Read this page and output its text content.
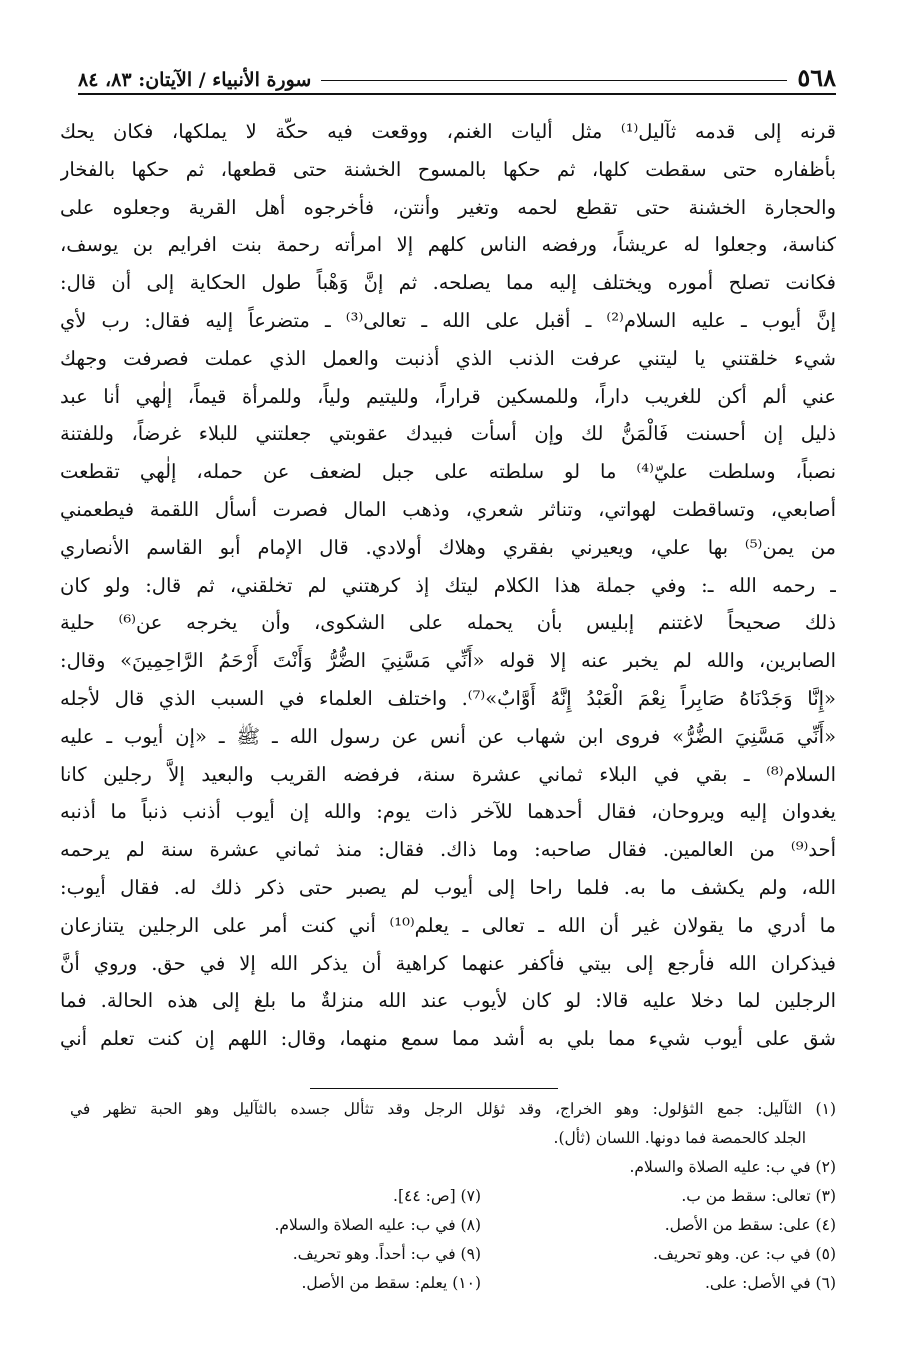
٥٦٨
سورة الأنبياء / الآيتان: ٨٣، ٨٤
قرنه إلى قدمه ثآليل⁽¹⁾ مثل أليات الغنم، ووقعت فيه حكّة لا يملكها، فكان يحك
بأظفاره حتى سقطت كلها، ثم حكها بالمسوح الخشنة حتى قطعها، ثم حكها بالفخار
والحجارة الخشنة حتى تقطع لحمه وتغير وأنتن، فأخرجوه أهل القرية وجعلوه على
كناسة، وجعلوا له عريشاً، ورفضه الناس كلهم إلا امرأته رحمة بنت افرايم بن يوسف،
فكانت تصلح أموره ويختلف إليه مما يصلحه. ثم إنَّ وَهْباً طول الحكاية إلى أن قال:
إنَّ أيوب ـ عليه السلام⁽²⁾ ـ أقبل على الله ـ تعالى⁽³⁾ ـ متضرعاً إليه فقال: رب لأي
شيء خلقتني يا ليتني عرفت الذنب الذي أذنبت والعمل الذي عملت فصرفت وجهك
عني ألم أكن للغريب داراً، وللمسكين قراراً، ولليتيم ولياً، وللمرأة قيماً، إلٰهي أنا عبد
ذليل إن أحسنت فَالْمَنُّ لك وإن أسأت فبيدك عقوبتي جعلتني للبلاء غرضاً، وللفتنة
نصباً، وسلطت عليّ⁽⁴⁾ ما لو سلطته على جبل لضعف عن حمله، إلٰهي تقطعت
أصابعي، وتساقطت لهواتي، وتناثر شعري، وذهب المال فصرت أسأل اللقمة فيطعمني
من يمن⁽⁵⁾ بها علي، ويعيرني بفقري وهلاك أولادي. قال الإمام أبو القاسم الأنصاري
ـ رحمه الله ـ: وفي جملة هذا الكلام ليتك إذ كرهتني لم تخلقني، ثم قال: ولو كان
ذلك صحيحاً لاغتنم إبليس بأن يحمله على الشكوى، وأن يخرجه عن⁽⁶⁾ حلية
الصابرين، والله لم يخبر عنه إلا قوله «أَنِّي مَسَّنِيَ الضُّرُّ وَأَنْتَ أَرْحَمُ الرَّاحِمِينَ» وقال:
«إِنَّا وَجَدْنَاهُ صَابِراً نِعْمَ الْعَبْدُ إِنَّهُ أَوَّابٌ»⁽⁷⁾. واختلف العلماء في السبب الذي قال لأجله
«أَنِّي مَسَّنِيَ الضُّرُّ» فروى ابن شهاب عن أنس عن رسول الله ـ ﷺ ـ «إن أيوب ـ عليه
السلام⁽⁸⁾ ـ بقي في البلاء ثماني عشرة سنة، فرفضه القريب والبعيد إلاَّ رجلين كانا
يغدوان إليه ويروحان، فقال أحدهما للآخر ذات يوم: والله إن أيوب أذنب ذنباً ما أذنبه
أحد⁽⁹⁾ من العالمين. فقال صاحبه: وما ذاك. فقال: منذ ثماني عشرة سنة لم يرحمه
الله، ولم يكشف ما به. فلما راحا إلى أيوب لم يصبر حتى ذكر ذلك له. فقال أيوب:
ما أدري ما يقولان غير أن الله ـ تعالى ـ يعلم⁽¹⁰⁾ أني كنت أمر على الرجلين يتنازعان
فيذكران الله فأرجع إلى بيتي فأكفر عنهما كراهية أن يذكر الله إلا في حق. وروي أنَّ
الرجلين لما دخلا عليه قالا: لو كان لأيوب عند الله منزلةٌ ما بلغ إلى هذه الحالة. فما
شق على أيوب شيء مما بلي به أشد مما سمع منهما، وقال: اللهم إن كنت تعلم أني
(١) الثآليل: جمع الثؤلول: وهو الخراج، وقد ثؤلل الرجل وقد تثألل جسده بالثآليل وهو الحبة تظهر في
الجلد كالحمصة فما دونها. اللسان (ثأل).
(٢) في ب: عليه الصلاة والسلام.
(٣) تعالى: سقط من ب.
(٧) [ص: ٤٤].
(٤) على: سقط من الأصل.
(٨) في ب: عليه الصلاة والسلام.
(٥) في ب: عن. وهو تحريف.
(٩) في ب: أحداً. وهو تحريف.
(٦) في الأصل: على.
(١٠) يعلم: سقط من الأصل.
